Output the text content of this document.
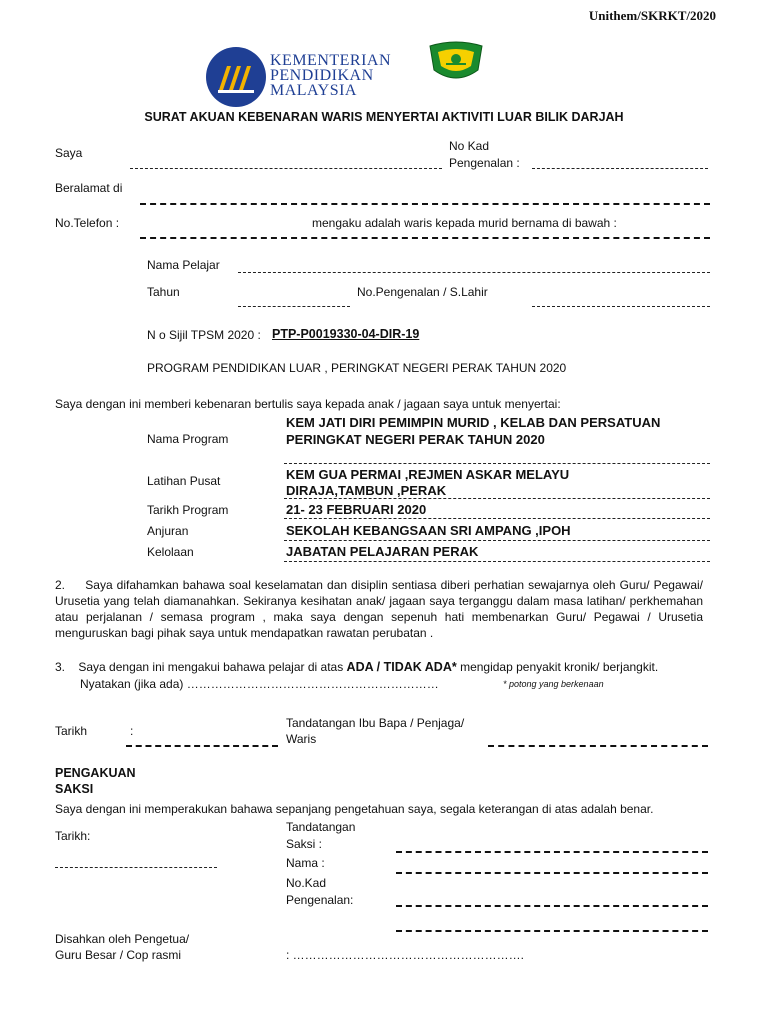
Unithem/SKRKT/2020
KEMENTERIAN
PENDIDIKAN
MALAYSIA
SURAT AKUAN KEBENARAN WARIS MENYERTAI AKTIVITI LUAR BILIK DARJAH
Saya	No Kad
Pengenalan :
Beralamat di
No.Telefon :	mengaku adalah waris kepada murid bernama di bawah :
Nama Pelajar
Tahun	No.Pengenalan / S.Lahir
N o Sijil TPSM 2020 : PTP-P0019330-04-DIR-19
PROGRAM PENDIDIKAN LUAR , PERINGKAT NEGERI PERAK TAHUN 2020
Saya dengan ini memberi kebenaran bertulis saya kepada anak / jagaan saya untuk menyertai:
Nama Program
KEM JATI DIRI PEMIMPIN MURID , KELAB DAN PERSATUAN
PERINGKAT NEGERI PERAK TAHUN 2020
Latihan Pusat	KEM GUA PERMAI ,REJMEN ASKAR MELAYU
DIRAJA,TAMBUN ,PERAK
Tarikh Program	21- 23 FEBRUARI 2020
Anjuran	SEKOLAH KEBANGSAAN SRI AMPANG ,IPOH
Kelolaan	JABATAN PELAJARAN PERAK
2. Saya difahamkan bahawa soal keselamatan dan disiplin sentiasa diberi perhatian sewajarnya oleh Guru/ Pegawai/ Urusetia yang telah diamanahkan. Sekiranya kesihatan anak/ jagaan saya terganggu dalam masa latihan/ perkhemahan atau perjalanan / semasa program , maka saya dengan sepenuh hati membenarkan Guru/ Pegawai / Urusetia menguruskan bagi pihak saya untuk mendapatkan rawatan perubatan .
3. Saya dengan ini mengakui bahawa pelajar di atas ADA / TIDAK ADA* mengidap penyakit kronik/ berjangkit.
Nyatakan (jika ada) ………………………………………………………	* potong yang berkenaan
Tarikh	:
Tandatangan Ibu Bapa / Penjaga/
Waris
PENGAKUAN
SAKSI
Saya dengan ini memperakukan bahawa sepanjang pengetahuan saya, segala keterangan di atas adalah benar.
Tarikh:
Tandatangan
Saksi :
Nama :
No.Kad
Pengenalan:
Disahkan oleh Pengetua/
Guru Besar / Cop rasmi	: ………………………………………………….
